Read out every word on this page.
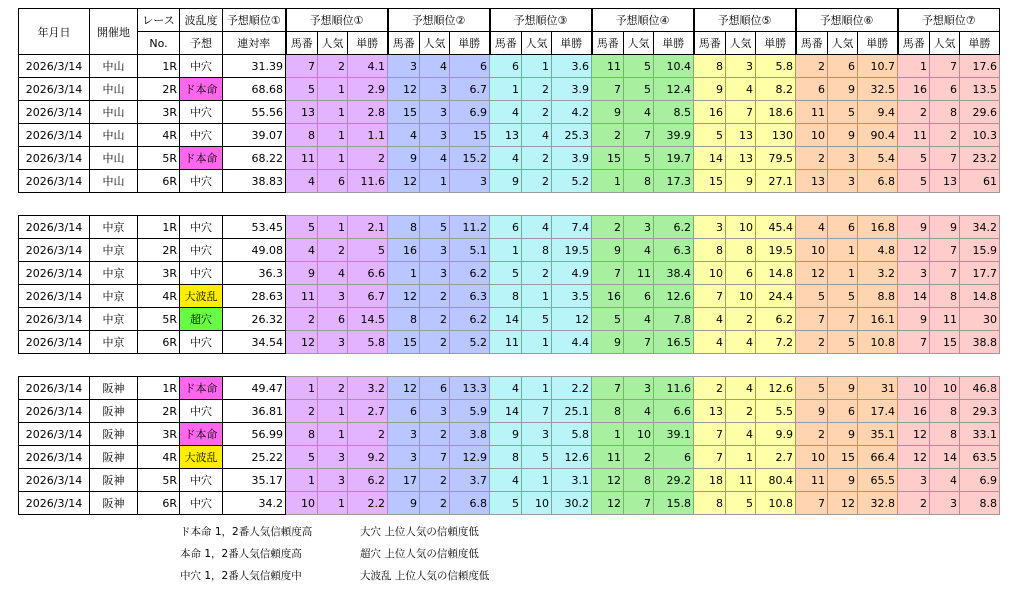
年月日	開催地	レース	波乱度	予想順位①	予想順位①			予想順位②			予想順位③			予想順位④			予想順位⑤			予想順位⑥			予想順位⑦		
		No.	予想	連対率	馬番	人気	単勝	馬番	人気	単勝	馬番	人気	単勝	馬番	人気	単勝	馬番	人気	単勝	馬番	人気	単勝	馬番	人気	単勝
2026/3/14	中山	1R	中穴	31.39	7	2	4.1	3	4	6	6	1	3.6	11	5	10.4	8	3	5.8	2	6	10.7	1	7	17.6
2026/3/14	中山	2R	ド本命	68.68	5	1	2.9	12	3	6.7	1	2	3.9	7	5	12.4	9	4	8.2	6	9	32.5	16	6	13.5
2026/3/14	中山	3R	中穴	55.56	13	1	2.8	15	3	6.9	4	2	4.2	9	4	8.5	16	7	18.6	11	5	9.4	2	8	29.6
2026/3/14	中山	4R	中穴	39.07	8	1	1.1	4	3	15	13	4	25.3	2	7	39.9	5	13	130	10	9	90.4	11	2	10.3
2026/3/14	中山	5R	ド本命	68.22	11	1	2	9	4	15.2	4	2	3.9	15	5	19.7	14	13	79.5	2	3	5.4	5	7	23.2
2026/3/14	中山	6R	中穴	38.83	4	6	11.6	12	1	3	9	2	5.2	1	8	17.3	15	9	27.1	13	3	6.8	5	13	61

2026/3/14	中京	1R	中穴	53.45	5	1	2.1	8	5	11.2	6	4	7.4	2	3	6.2	3	10	45.4	4	6	16.8	9	9	34.2
2026/3/14	中京	2R	中穴	49.08	4	2	5	16	3	5.1	1	8	19.5	9	4	6.3	8	8	19.5	10	1	4.8	12	7	15.9
2026/3/14	中京	3R	中穴	36.3	9	4	6.6	1	3	6.2	5	2	4.9	7	11	38.4	10	6	14.8	12	1	3.2	3	7	17.7
2026/3/14	中京	4R	大波乱	28.63	11	3	6.7	12	2	6.3	8	1	3.5	16	6	12.6	7	10	24.4	5	5	8.8	14	8	14.8
2026/3/14	中京	5R	超穴	26.32	2	6	14.5	8	2	6.2	14	5	12	5	4	7.8	4	2	6.2	7	7	16.1	9	11	30
2026/3/14	中京	6R	中穴	34.54	12	3	5.8	15	2	5.2	11	1	4.4	9	7	16.5	4	4	7.2	2	5	10.8	7	15	38.8

2026/3/14	阪神	1R	ド本命	49.47	1	2	3.2	12	6	13.3	4	1	2.2	7	3	11.6	2	4	12.6	5	9	31	10	10	46.8
2026/3/14	阪神	2R	中穴	36.81	2	1	2.7	6	3	5.9	14	7	25.1	8	4	6.6	13	2	5.5	9	6	17.4	16	8	29.3
2026/3/14	阪神	3R	ド本命	56.99	8	1	2	3	2	3.8	9	3	5.8	1	10	39.1	7	4	9.9	2	9	35.1	12	8	33.1
2026/3/14	阪神	4R	大波乱	25.22	5	3	9.2	3	7	12.9	8	5	12.6	11	2	6	7	1	2.7	10	15	66.4	12	14	63.5
2026/3/14	阪神	5R	中穴	35.17	1	3	6.2	17	2	3.7	4	1	3.1	12	8	29.2	18	11	80.4	11	9	65.5	3	4	6.9
2026/3/14	阪神	6R	中穴	34.2	10	1	2.2	9	2	6.8	5	10	30.2	12	7	15.8	8	5	10.8	7	12	32.8	2	3	8.8
ド本命 1，2番人気信頼度高	大穴 上位人気の信頼度低
本命 1，2番人気信頼度高	超穴 上位人気の信頼度低
中穴 1，2番人気信頼度中	大波乱 上位人気の信頼度低
